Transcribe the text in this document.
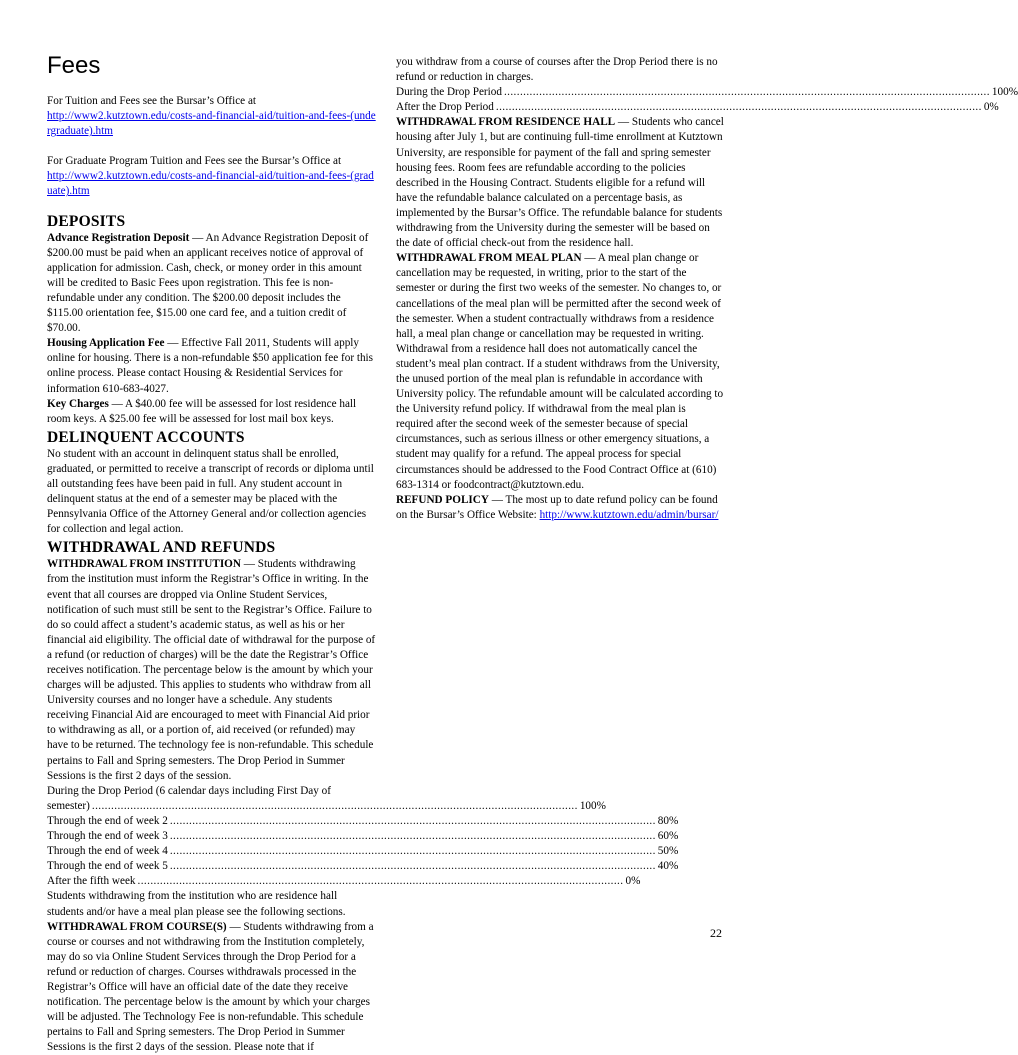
Fees

For Tuition and Fees see the Bursar’s Office at
http://www2.kutztown.edu/costs-and-financial-aid/tuition-and-fees-(undergraduate).htm

For Graduate Program Tuition and Fees see the Bursar’s Office at
http://www2.kutztown.edu/costs-and-financial-aid/tuition-and-fees-(graduate).htm

DEPOSITS

Advance Registration Deposit — An Advance Registration Deposit of $200.00 must be paid when an applicant receives notice of approval of application for admission. Cash, check, or money order in this amount will be credited to Basic Fees upon registration. This fee is non-refundable under any condition. The $200.00 deposit includes the $115.00 orientation fee, $15.00 one card fee, and a tuition credit of $70.00.

Housing Application Fee — Effective Fall 2011, Students will apply online for housing. There is a non-refundable $50 application fee for this online process. Please contact Housing & Residential Services for information 610-683-4027.

Key Charges — A $40.00 fee will be assessed for lost residence hall room keys. A $25.00 fee will be assessed for lost mail box keys.

DELINQUENT ACCOUNTS

No student with an account in delinquent status shall be enrolled, graduated, or permitted to receive a transcript of records or diploma until all outstanding fees have been paid in full. Any student account in delinquent status at the end of a semester may be placed with the Pennsylvania Office of the Attorney General and/or collection agencies for collection and legal action.

WITHDRAWAL AND REFUNDS

WITHDRAWAL FROM INSTITUTION — Students withdrawing from the institution must inform the Registrar’s Office in writing. In the event that all courses are dropped via Online Student Services, notification of such must still be sent to the Registrar’s Office. Failure to do so could affect a student’s academic status, as well as his or her financial aid eligibility. The official date of withdrawal for the purpose of a refund (or reduction of charges) will be the date the Registrar’s Office receives notification. The percentage below is the amount by which your charges will be adjusted. This applies to students who withdraw from all University courses and no longer have a schedule. Any students receiving Financial Aid are encouraged to meet with Financial Aid prior to withdrawing as all, or a portion of, aid received (or refunded) may have to be returned. The technology fee is non-refundable. This schedule pertains to Fall and Spring semesters. The Drop Period in Summer Sessions is the first 2 days of the session.

During the Drop Period (6 calendar days including First Day of

semester) .....	100%
Through the end of week 2 .....	80%
Through the end of week 3 .....	60%
Through the end of week 4 .....	50%
Through the end of week 5 .....	40%
After the fifth week .....	0%

Students withdrawing from the institution who are residence hall students and/or have a meal plan please see the following sections.

WITHDRAWAL FROM COURSE(S) — Students withdrawing from a course or courses and not withdrawing from the Institution completely, may do so via Online Student Services through the Drop Period for a refund or reduction of charges. Courses withdrawals processed in the Registrar’s Office will have an official date of the date they receive notification. The percentage below is the amount by which your charges will be adjusted. The Technology Fee is non-refundable. This schedule pertains to Fall and Spring semesters. The Drop Period in Summer Sessions is the first 2 days of the session. Please note that if

you withdraw from a course of courses after the Drop Period there is no refund or reduction in charges.

During the Drop Period .....	100%
After the Drop Period .....	0%

WITHDRAWAL FROM RESIDENCE HALL — Students who cancel housing after July 1, but are continuing full-time enrollment at Kutztown University, are responsible for payment of the fall and spring semester housing fees. Room fees are refundable according to the policies described in the Housing Contract. Students eligible for a refund will have the refundable balance calculated on a percentage basis, as implemented by the Bursar’s Office. The refundable balance for students withdrawing from the University during the semester will be based on the date of official check-out from the residence hall.

WITHDRAWAL FROM MEAL PLAN — A meal plan change or cancellation may be requested, in writing, prior to the start of the semester or during the first two weeks of the semester. No changes to, or cancellations of the meal plan will be permitted after the second week of the semester. When a student contractually withdraws from a residence hall, a meal plan change or cancellation may be requested in writing. Withdrawal from a residence hall does not automatically cancel the student’s meal plan contract. If a student withdraws from the University, the unused portion of the meal plan is refundable in accordance with University policy. The refundable amount will be calculated according to the University refund policy. If withdrawal from the meal plan is required after the second week of the semester because of special circumstances, such as serious illness or other emergency situations, a student may qualify for a refund. The appeal process for special circumstances should be addressed to the Food Contract Office at (610) 683-1314 or foodcontract@kutztown.edu.

REFUND POLICY — The most up to date refund policy can be found on the Bursar’s Office Website: http://www.kutztown.edu/admin/bursar/

22
